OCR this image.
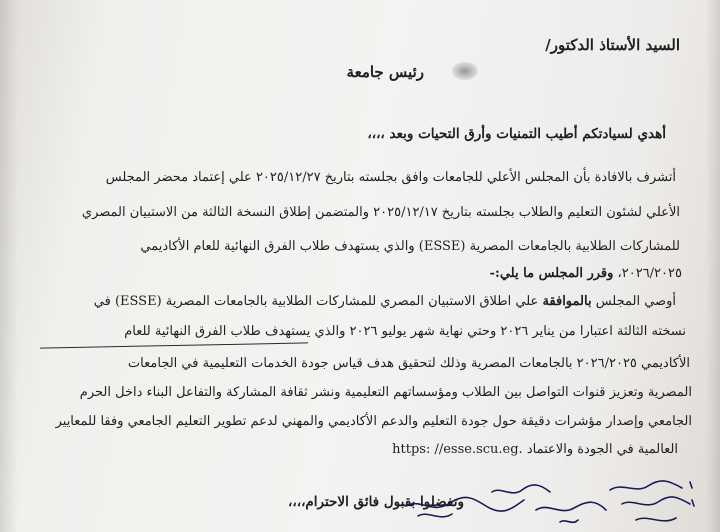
السيد الأستاذ الدكتور/
رئيس جامعة
أهدي لسيادتكم أطيب التمنيات وأرق التحيات وبعد ،،،،
أتشرف بالافادة بأن المجلس الأعلي للجامعات وافق بجلسته بتاريخ ٢٠٢٥/١٢/٢٧ علي إعتماد محضر المجلس
الأعلي لشئون التعليم والطلاب بجلسته بتاريخ ٢٠٢٥/١٢/١٧ والمتضمن إطلاق النسخة الثالثة من الاستبيان المصري
للمشاركات الطلابية بالجامعات المصرية (ESSE) والذي يستهدف طلاب الفرق النهائية للعام الأكاديمي
٢٠٢٦/٢٠٢٥، وقرر المجلس ما يلي:-
أوصي المجلس بالموافقة علي اطلاق الاستبيان المصري للمشاركات الطلابية بالجامعات المصرية (ESSE) في
نسخته الثالثة اعتبارا من يناير ٢٠٢٦ وحتي نهاية شهر يوليو ٢٠٢٦ والذي يستهدف طلاب الفرق النهائية للعام
الأكاديمي ٢٠٢٦/٢٠٢٥ بالجامعات المصرية وذلك لتحقيق هدف قياس جودة الخدمات التعليمية في الجامعات
المصرية وتعزيز قنوات التواصل بين الطلاب ومؤسساتهم التعليمية ونشر ثقافة المشاركة والتفاعل البناء داخل الحرم
الجامعي وإصدار مؤشرات دقيقة حول جودة التعليم والدعم الأكاديمي والمهني لدعم تطوير التعليم الجامعي وفقا للمعايير
العالمية في الجودة والاعتماد https: //esse.scu.eg.
وتفضلوا بقبول فائق الاحترام،،،،
